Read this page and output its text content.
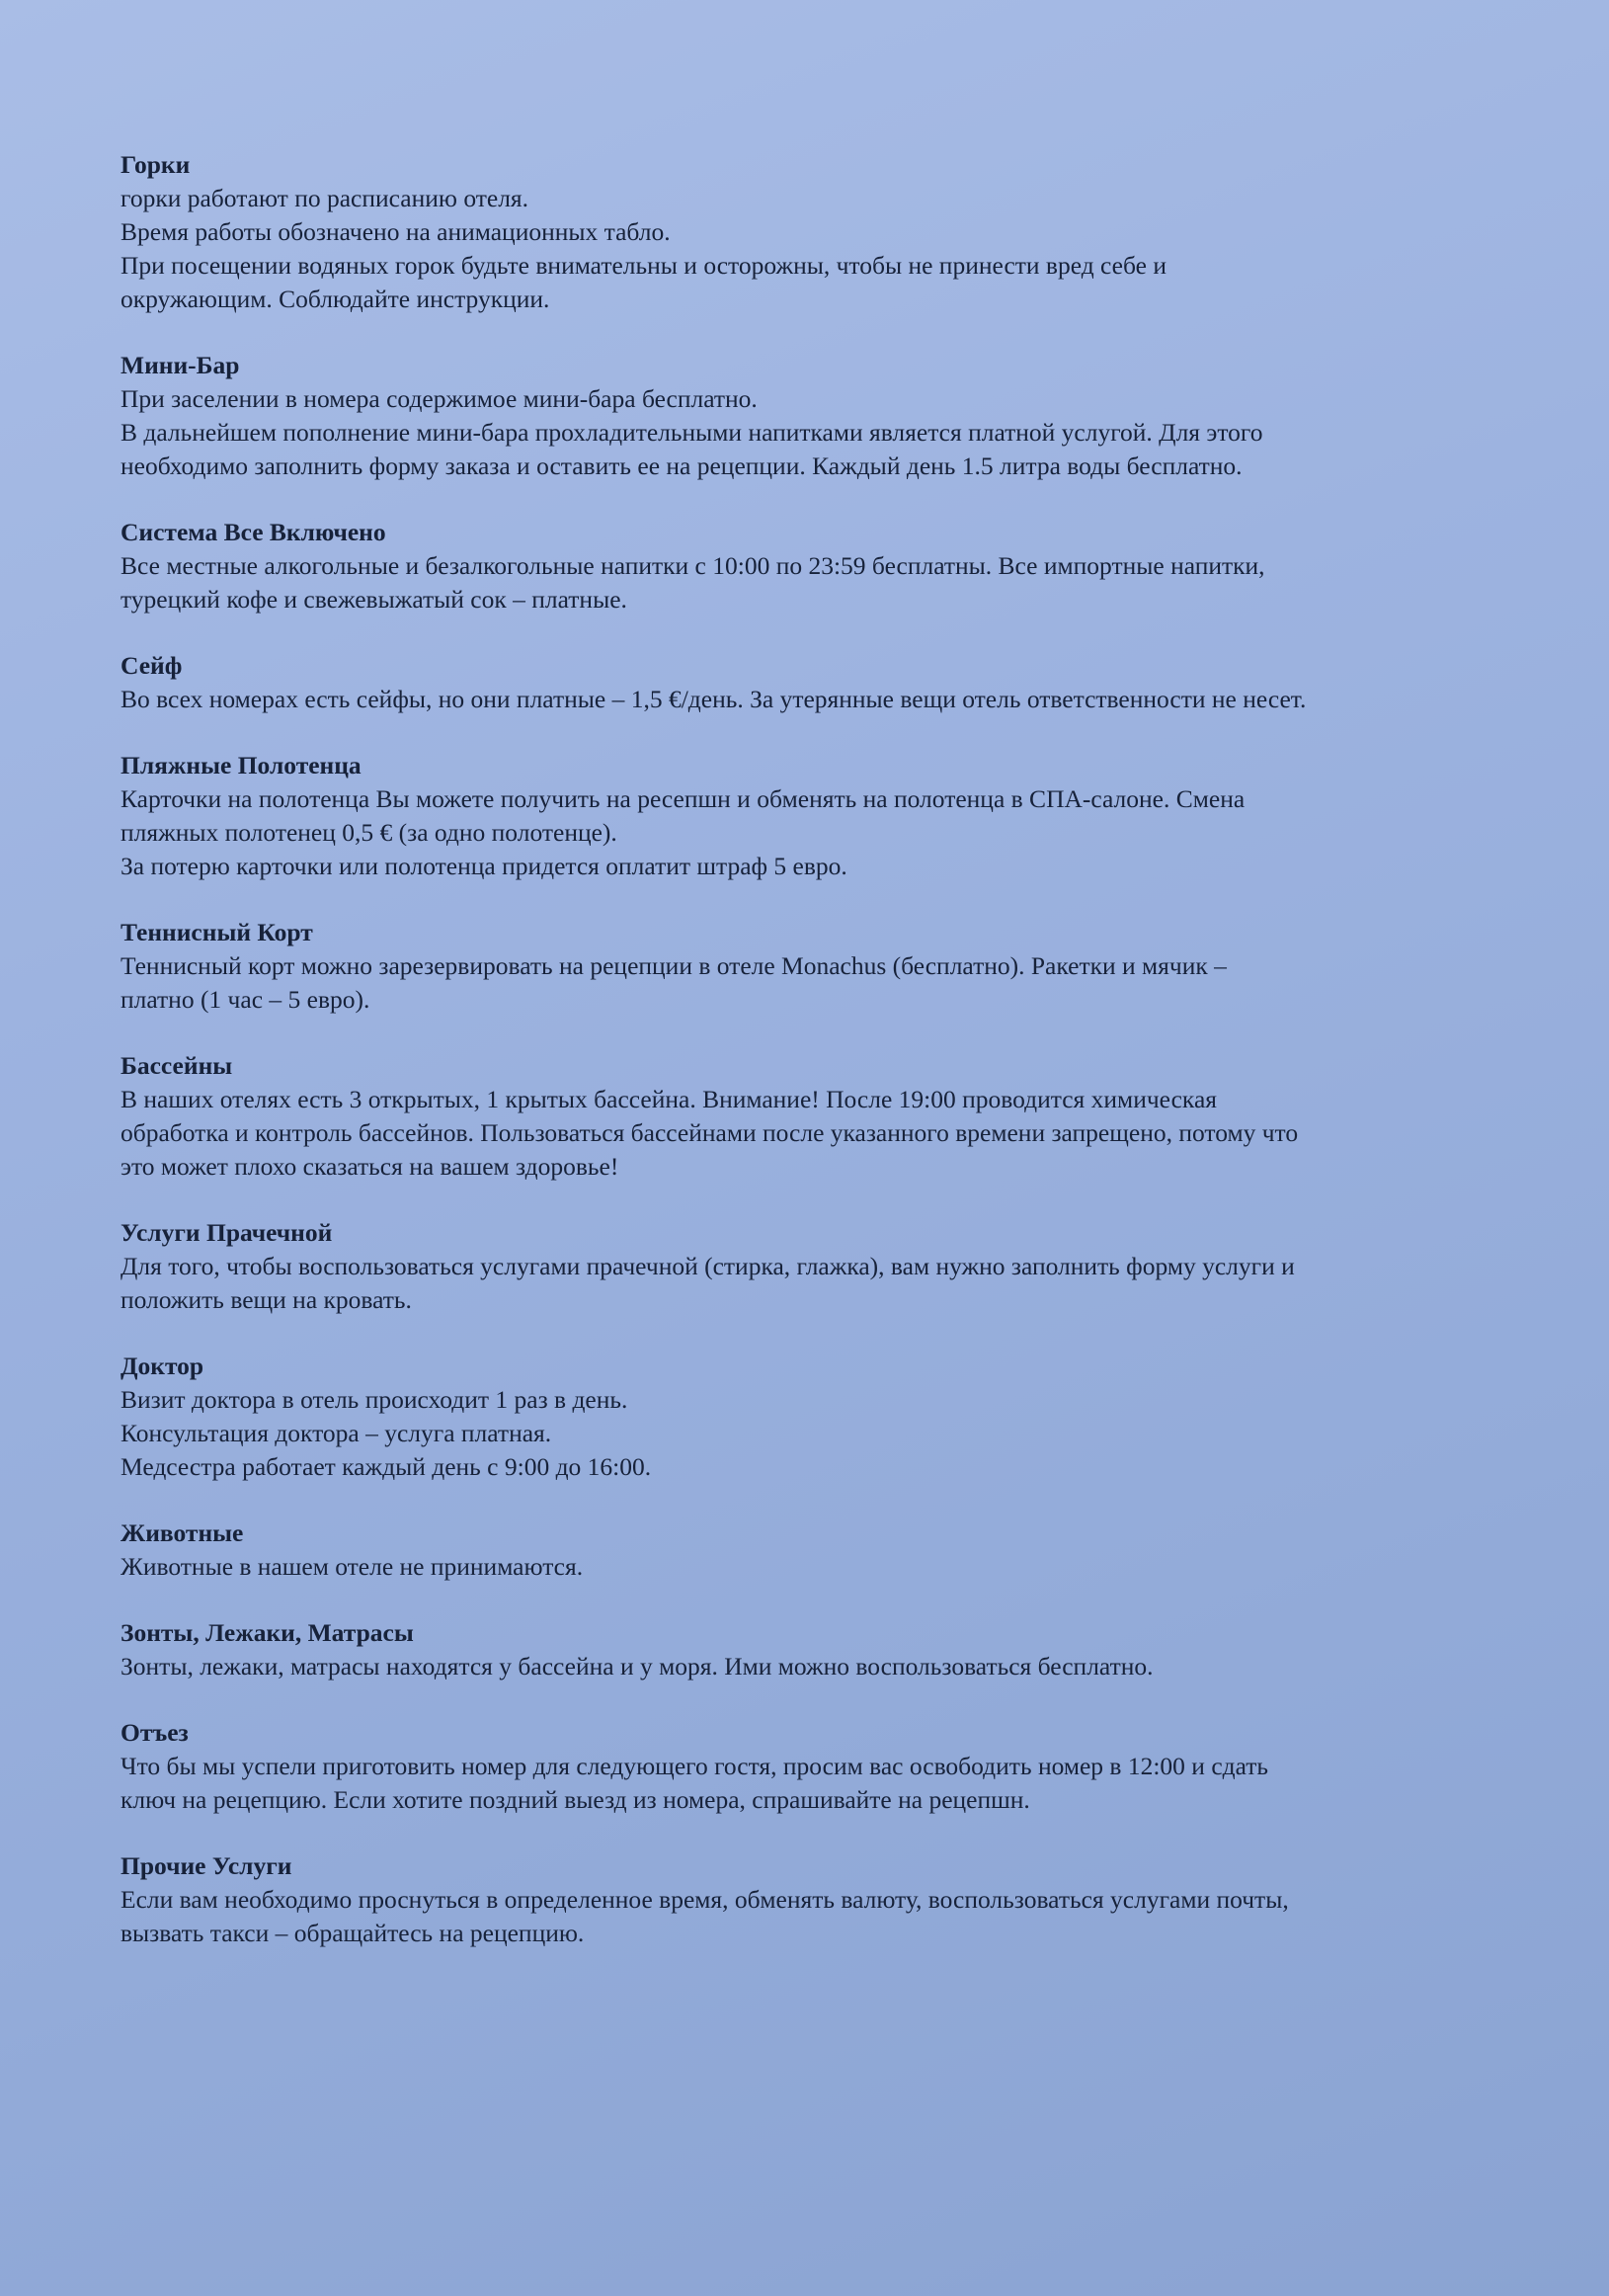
Горки

горки работают по расписанию отеля.

Время работы обозначено на анимационных табло.

При посещении водяных горок будьте внимательны и осторожны, чтобы не принести вред себе и

окружающим. Соблюдайте инструкции.

Мини-Бар

При заселении в номера содержимое мини-бара бесплатно.

В дальнейшем пополнение мини-бара прохладительными напитками является платной услугой. Для этого

необходимо заполнить форму заказа и оставить ее на рецепции. Каждый день 1.5 литра воды бесплатно.

Система Все Включено

Все местные алкогольные и безалкогольные напитки с 10:00 по 23:59 бесплатны. Все импортные напитки,

турецкий кофе и свежевыжатый сок – платные.

Сейф

Во всех номерах есть сейфы, но они платные – 1,5 €/день. За утерянные вещи отель ответственности не несет.

Пляжные Полотенца

Карточки на полотенца Вы можете получить на ресепшн и обменять на полотенца в СПА-салоне. Смена

пляжных полотенец 0,5 € (за одно полотенце).

За потерю карточки или полотенца придется оплатит штраф 5 евро.

Теннисный Корт

Теннисный корт можно зарезервировать на рецепции в отеле Monachus (бесплатно). Ракетки и мячик –

платно (1 час – 5 евро).

Бассейны

В наших отелях есть 3 открытых, 1 крытых бассейна. Внимание! После 19:00 проводится химическая

обработка и контроль бассейнов. Пользоваться бассейнами после указанного времени запрещено, потому что

это может плохо сказаться на вашем здоровье!

Услуги Прачечной

Для того, чтобы воспользоваться услугами прачечной (стирка, глажка), вам нужно заполнить форму услуги и

положить вещи на кровать.

Доктор

Визит доктора в отель происходит 1 раз в день.

Консультация доктора – услуга платная.

Медсестра работает каждый день с 9:00 до 16:00.

Животные

Животные в нашем отеле не принимаются.

Зонты, Лежаки, Матрасы

Зонты, лежаки, матрасы находятся у бассейна и у моря. Ими можно воспользоваться бесплатно.

Отъез

Что бы мы успели приготовить номер для следующего гостя, просим вас освободить номер в 12:00 и сдать

ключ на рецепцию. Если хотите поздний выезд из номера, спрашивайте на рецепшн.

Прочие Услуги

Если вам необходимо проснуться в определенное время, обменять валюту, воспользоваться услугами почты,

вызвать такси – обращайтесь на рецепцию.
